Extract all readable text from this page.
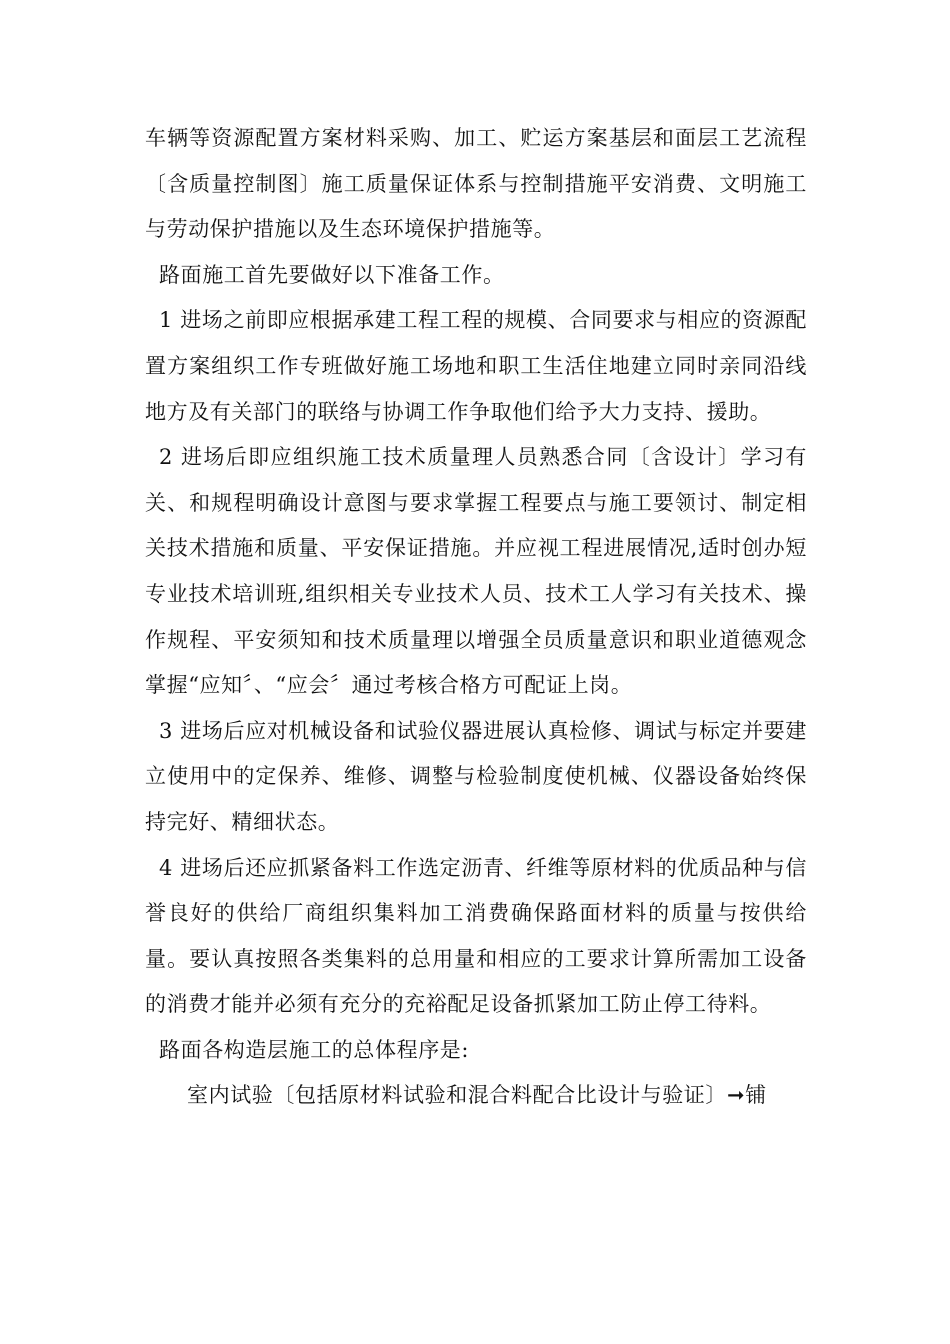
车辆等资源配置方案材料采购、加工、贮运方案基层和面层工艺流程〔含质量控制图〕施工质量保证体系与控制措施平安消费、文明施工与劳动保护措施以及生态环境保护措施等。

路面施工首先要做好以下准备工作。

1 进场之前即应根据承建工程工程的规模、合同要求与相应的资源配置方案组织工作专班做好施工场地和职工生活住地建立同时亲同沿线地方及有关部门的联络与协调工作争取他们给予大力支持、援助。

2 进场后即应组织施工技术质量理人员熟悉合同〔含设计〕学习有关、和规程明确设计意图与要求掌握工程要点与施工要领讨、制定相关技术措施和质量、平安保证措施。并应视工程进展情况,适时创办短专业技术培训班,组织相关专业技术人员、技术工人学习有关技术、操作规程、平安须知和技术质量理以增强全员质量意识和职业道德观念掌握“应知〞、“应会〞通过考核合格方可配证上岗。

3 进场后应对机械设备和试验仪器进展认真检修、调试与标定并要建立使用中的定保养、维修、调整与检验制度使机械、仪器设备始终保持完好、精细状态。

4 进场后还应抓紧备料工作选定沥青、纤维等原材料的优质品种与信誉良好的供给厂商组织集料加工消费确保路面材料的质量与按供给量。要认真按照各类集料的总用量和相应的工要求计算所需加工设备的消费才能并必须有充分的充裕配足设备抓紧加工防止停工待料。

路面各构造层施工的总体程序是:

室内试验〔包括原材料试验和混合料配合比设计与验证〕➞铺
